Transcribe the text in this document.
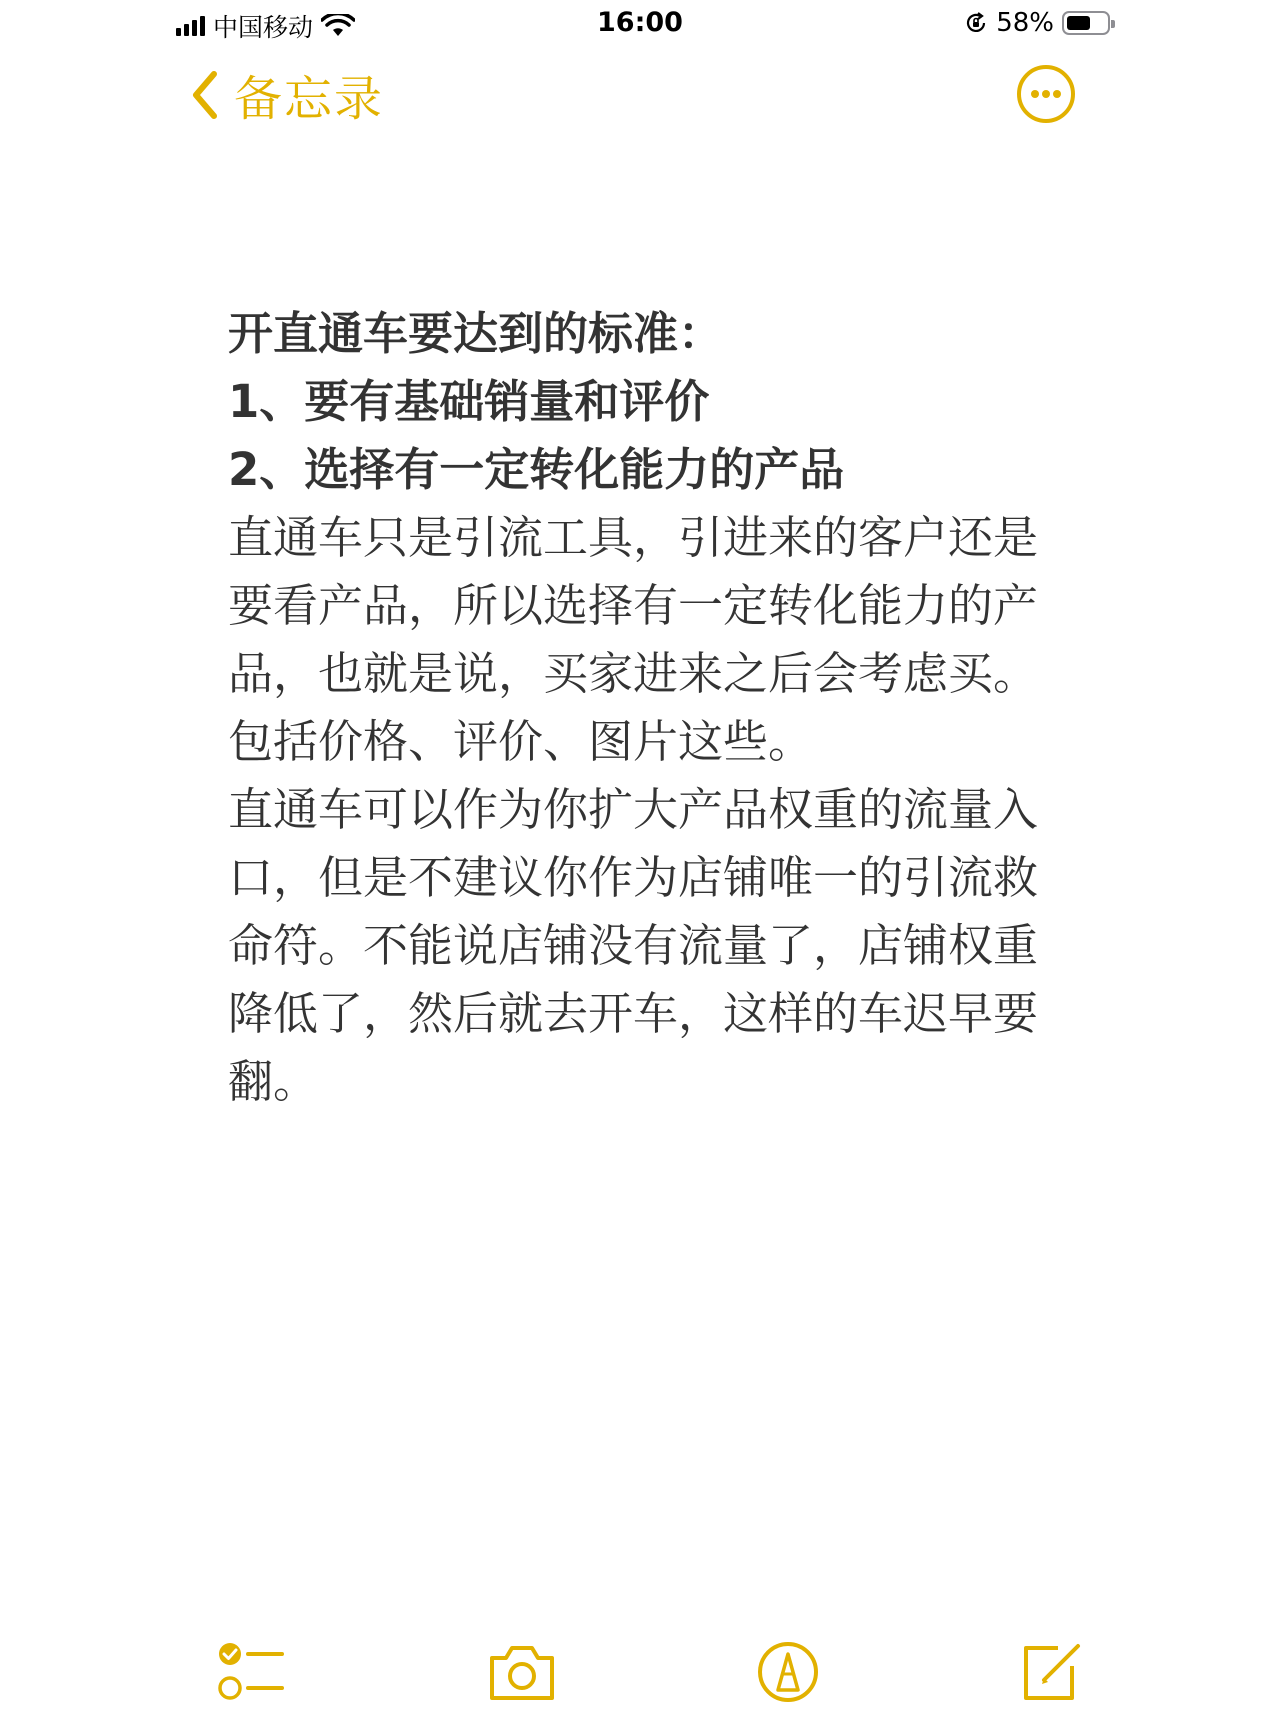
中国移动	16:00	58%
备忘录

开直通车要达到的标准：

1、要有基础销量和评价

2、选择有一定转化能力的产品

直通车只是引流工具，引进来的客户还是要看产品，所以选择有一定转化能力的产品，也就是说，买家进来之后会考虑买。包括价格、评价、图片这些。

直通车可以作为你扩大产品权重的流量入口，但是不建议你作为店铺唯一的引流救命符。不能说店铺没有流量了，店铺权重降低了，然后就去开车，这样的车迟早要翻。
